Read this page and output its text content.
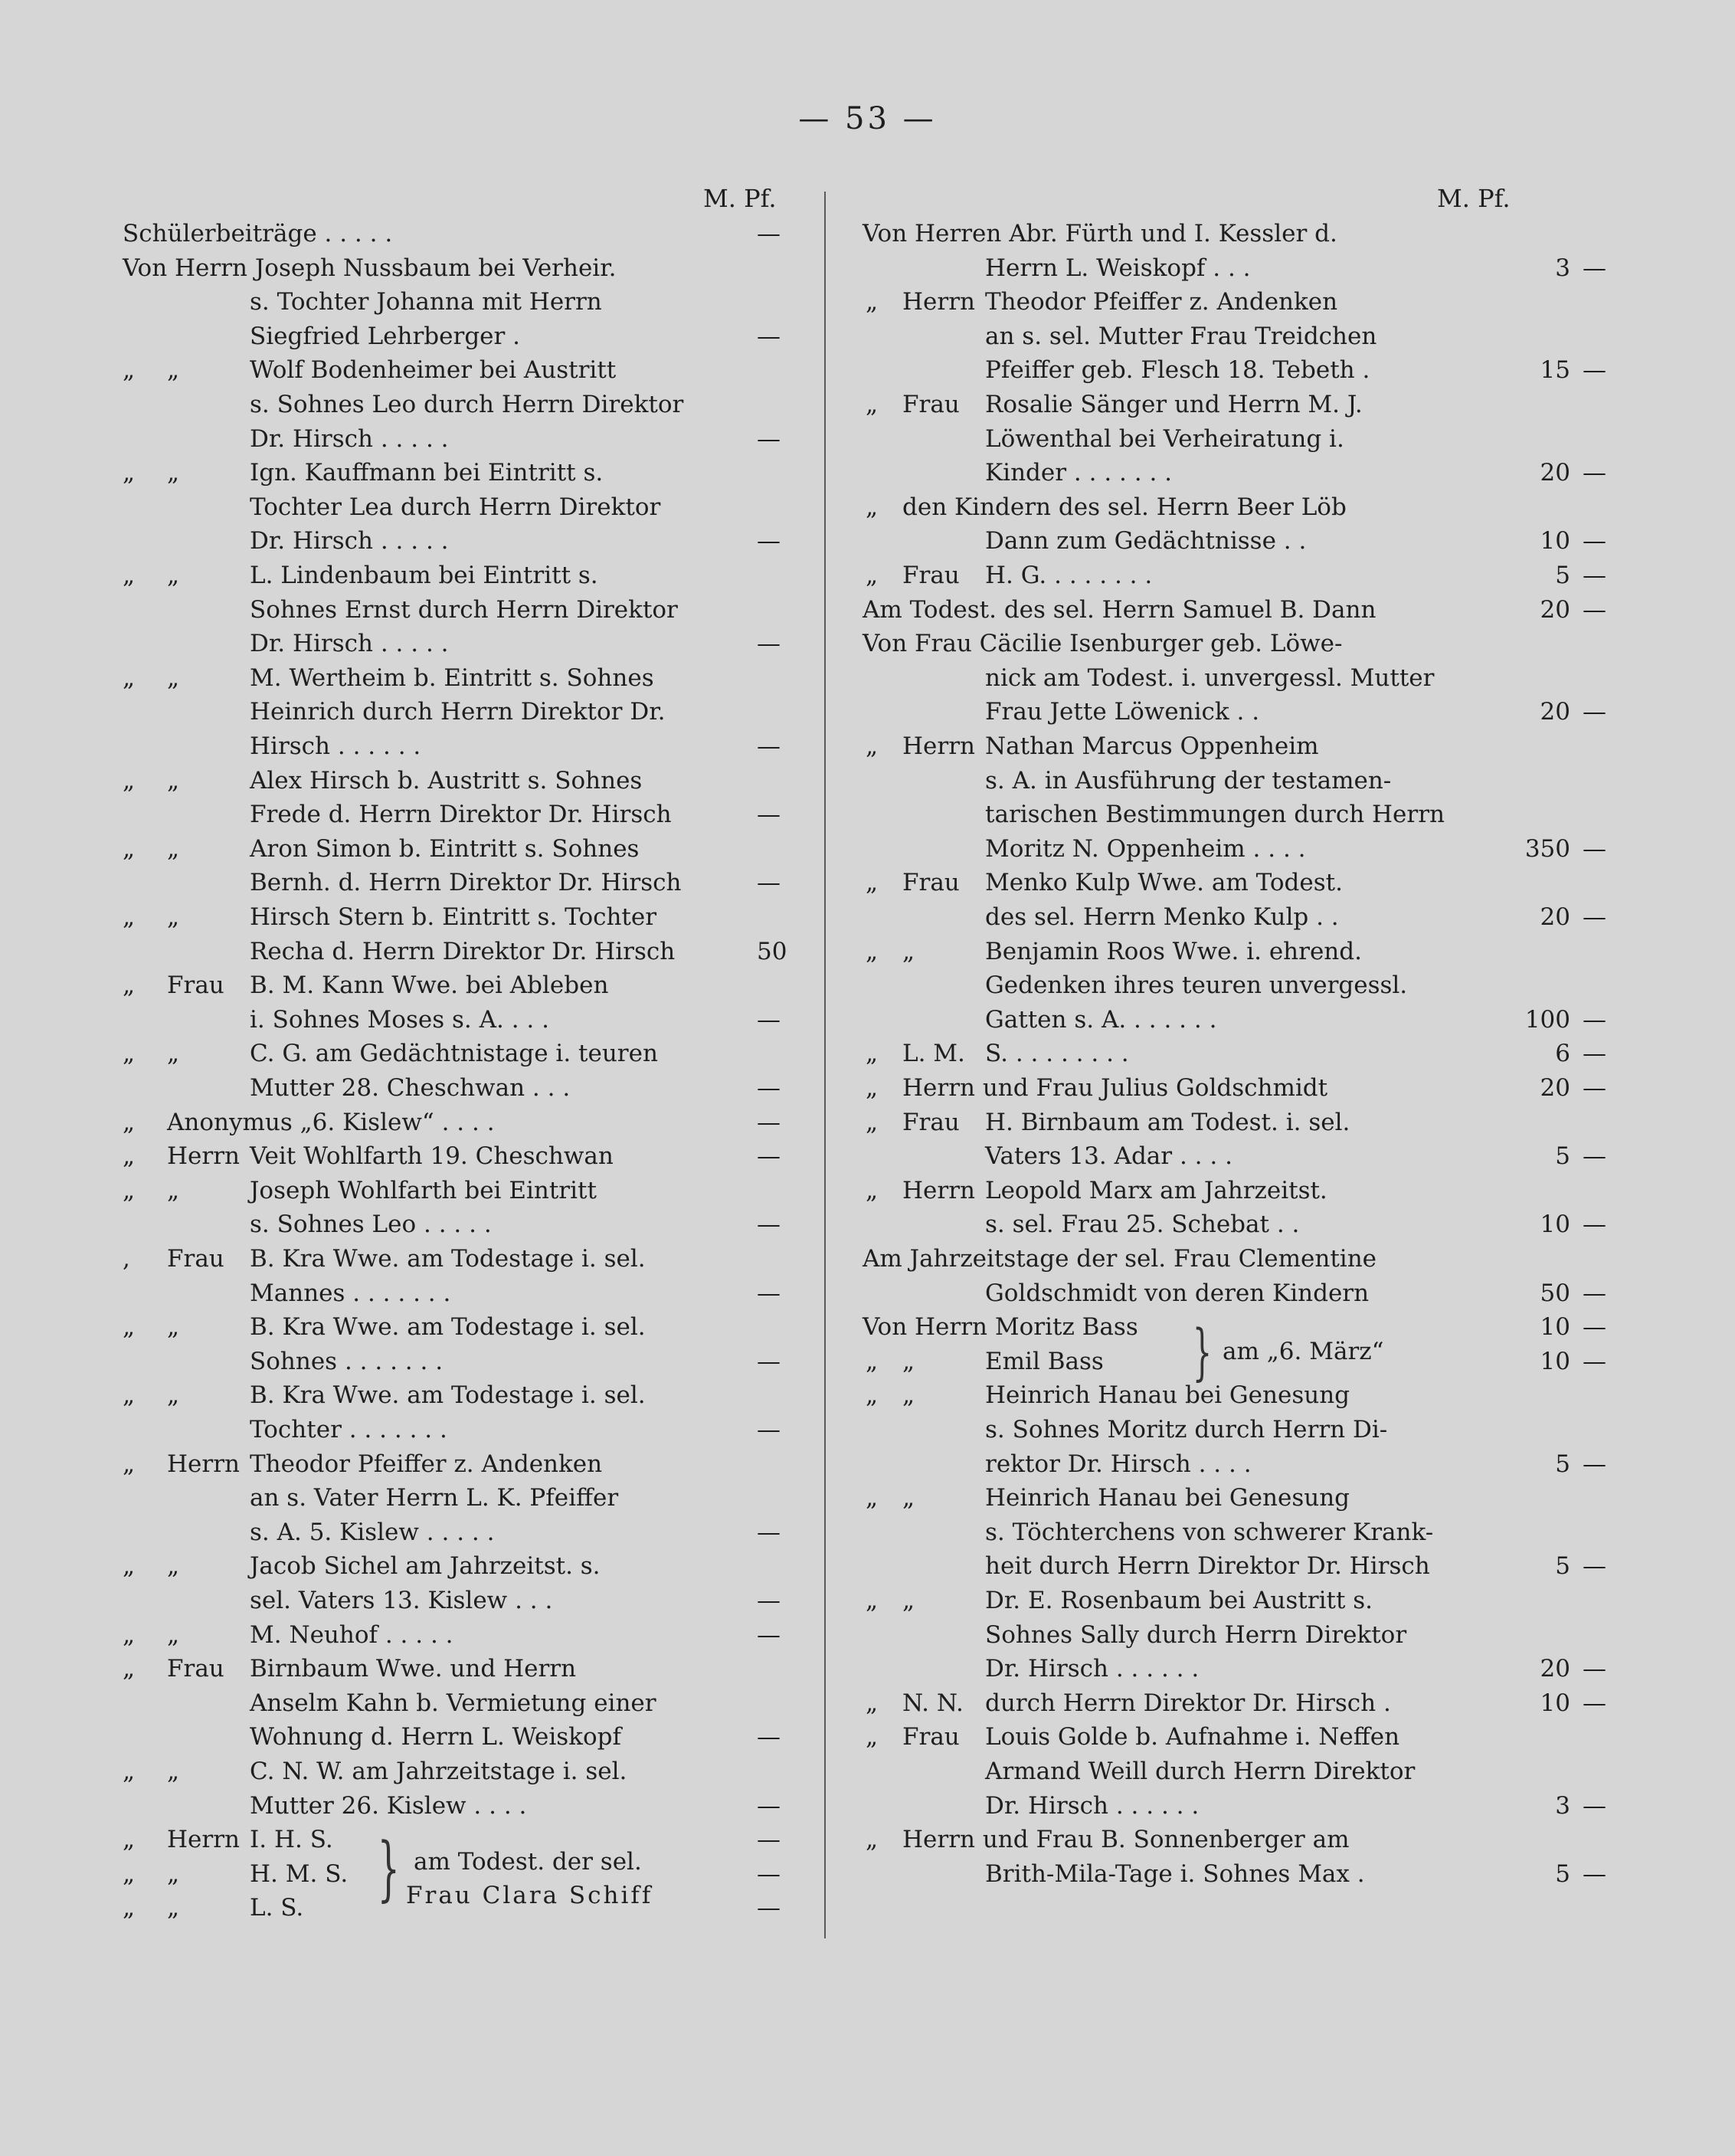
— 53 —
M. Pf.	M. Pf.
Schülerbeiträge . . . . .	—
Von Herrn Joseph Nussbaum bei Verheir.
s. Tochter Johanna mit Herrn
Siegfried Lehrberger .	—
„ „	Wolf Bodenheimer bei Austritt
s. Sohnes Leo durch Herrn Direktor
Dr. Hirsch . . . . .	—
„ „	Ign. Kauffmann bei Eintritt s.
Tochter Lea durch Herrn Direktor
Dr. Hirsch . . . . .	—
„ „	L. Lindenbaum bei Eintritt s.
Sohnes Ernst durch Herrn Direktor
Dr. Hirsch . . . . .	—
„ „	M. Wertheim b. Eintritt s. Sohnes
Heinrich durch Herrn Direktor Dr.
Hirsch . . . . . .	—
„ „	Alex Hirsch b. Austritt s. Sohnes
Frede d. Herrn Direktor Dr. Hirsch	—
„ „	Aron Simon b. Eintritt s. Sohnes
Bernh. d. Herrn Direktor Dr. Hirsch	—
„ „	Hirsch Stern b. Eintritt s. Tochter
Recha d. Herrn Direktor Dr. Hirsch	50
„ Frau B. M. Kann Wwe. bei Ableben
i. Sohnes Moses s. A. . . .	—
„ „	C. G. am Gedächtnistage i. teuren
Mutter 28. Cheschwan . . .	—
„ Anonymus „6. Kislew“ . . . .	—
„ Herrn Veit Wohlfarth 19. Cheschwan	—
„ „	Joseph Wohlfarth bei Eintritt
s. Sohnes Leo . . . . .	—
, Frau B. Kra Wwe. am Todestage i. sel.
Mannes . . . . . . .	—
„ „	B. Kra Wwe. am Todestage i. sel.
Sohnes . . . . . . .	—
„ „	B. Kra Wwe. am Todestage i. sel.
Tochter . . . . . . .	—
„ Herrn Theodor Pfeiffer z. Andenken
an s. Vater Herrn L. K. Pfeiffer
s. A. 5. Kislew . . . . .	—
„ „	Jacob Sichel am Jahrzeitst. s.
sel. Vaters 13. Kislew . . .	—
„ „	M. Neuhof . . . . .	—
„ Frau Birnbaum Wwe. und Herrn
Anselm Kahn b. Vermietung einer
Wohnung d. Herrn L. Weiskopf	—
„ „	C. N. W. am Jahrzeitstage i. sel.
Mutter 26. Kislew . . . .	—
„ Herrn I. H. S.	—
„ „	H. M. S.	—
„ „	L. S.	—
Von Herren Abr. Fürth und I. Kessler d.
Herrn L. Weiskopf . . .	3 —
„ Herrn Theodor Pfeiffer z. Andenken
an s. sel. Mutter Frau Treidchen
Pfeiffer geb. Flesch 18. Tebeth .	15 —
„ Frau Rosalie Sänger und Herrn M. J.
Löwenthal bei Verheiratung i.
Kinder . . . . . . .	20 —
„ den Kindern des sel. Herrn Beer Löb
Dann zum Gedächtnisse . .	10 —
„ Frau H. G. . . . . . . .	5 —
Am Todest. des sel. Herrn Samuel B. Dann	20 —
Von Frau Cäcilie Isenburger geb. Löwe-
nick am Todest. i. unvergessl. Mutter
Frau Jette Löwenick . .	20 —
„ Herrn Nathan Marcus Oppenheim
s. A. in Ausführung der testamen-
tarischen Bestimmungen durch Herrn
Moritz N. Oppenheim . . . .	350 —
„ Frau Menko Kulp Wwe. am Todest.
des sel. Herrn Menko Kulp . .	20 —
„ „	Benjamin Roos Wwe. i. ehrend.
Gedenken ihres teuren unvergessl.
Gatten s. A. . . . . . .	100 —
„ L. M. S. . . . . . . . .	6 —
„ Herrn und Frau Julius Goldschmidt	20 —
„ Frau H. Birnbaum am Todest. i. sel.
Vaters 13. Adar . . . .	5 —
„ Herrn Leopold Marx am Jahrzeitst.
s. sel. Frau 25. Schebat . .	10 —
Am Jahrzeitstage der sel. Frau Clementine
Goldschmidt von deren Kindern	50 —
Von Herrn Moritz Bass	10 —
„ „	Emil Bass	10 —
„ „	Heinrich Hanau bei Genesung
s. Sohnes Moritz durch Herrn Di-
rektor Dr. Hirsch . . . .	5 —
„ „	Heinrich Hanau bei Genesung
s. Töchterchens von schwerer Krank-
heit durch Herrn Direktor Dr. Hirsch	5 —
„ „	Dr. E. Rosenbaum bei Austritt s.
Sohnes Sally durch Herrn Direktor
Dr. Hirsch . . . . . .	20 —
„ N. N. durch Herrn Direktor Dr. Hirsch .	10 —
„ Frau Louis Golde b. Aufnahme i. Neffen
Armand Weill durch Herrn Direktor
Dr. Hirsch . . . . . .	3 —
„ Herrn und Frau B. Sonnenberger am
Brith-Mila-Tage i. Sohnes Max .	5 —
} am Todest. der sel.
Frau Clara Schiff
} am „6. März“
